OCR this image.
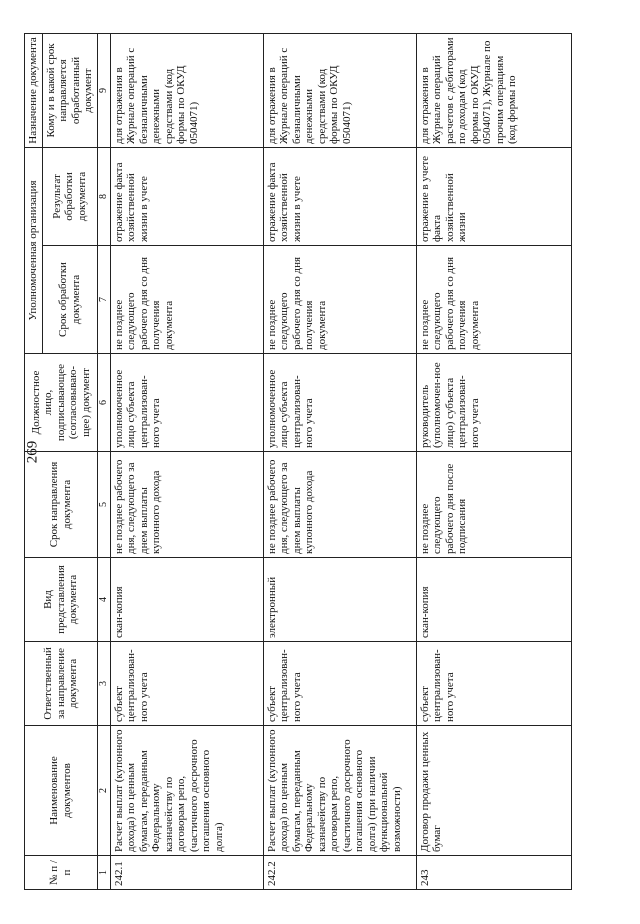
269
№ п / п	Наименование документов	Ответственный за направление документа	Вид представления документа	Срок направления документа	Должностное лицо, подписывающее (согласовываю-щее) документ	Уполномоченная организация		Назначение документа
						Срок обработки документа	Результат обработки документа	Кому и в какой срок направляется обработанный документ
1	2	3	4	5	6	7	8	9
242.1	Расчет выплат (купонного дохода) по ценным бумагам, переданным Федеральному казначейству по договорам репо, (частичного досрочного погашения основного долга)	субъект централизован-ного учета	скан-копия	не позднее рабочего дня, следующего за днем выплаты купонного дохода	уполномоченное лицо субъекта централизован-ного учета	не позднее следующего рабочего дня со дня получения документа	отражение факта хозяйственной жизни в учете	для отражения в Журнале операций с безналичными денежными средствами (код формы по ОКУД 0504071)
242.2	Расчет выплат (купонного дохода) по ценным бумагам, переданным Федеральному казначейству по договорам репо, (частичного досрочного погашения основного долга) (при наличии функциональной возможности)	субъект централизован-ного учета	электронный	не позднее рабочего дня, следующего за днем выплаты купонного дохода	уполномоченное лицо субъекта централизован-ного учета	не позднее следующего рабочего дня со дня получения документа	отражение факта хозяйственной жизни в учете	для отражения в Журнале операций с безналичными денежными средствами (код формы по ОКУД 0504071)
243	Договор продажи ценных бумаг	субъект централизован-ного учета	скан-копия	не позднее следующего рабочего дня после подписания	руководитель (уполномочен-ное лицо) субъекта централизован-ного учета	не позднее следующего рабочего дня со дня получения документа	отражение в учете факта хозяйственной жизни	для отражения в Журнале операций расчетов с дебиторами по доходам (код формы по ОКУД 0504071), Журнале по прочим операциям (код формы по
